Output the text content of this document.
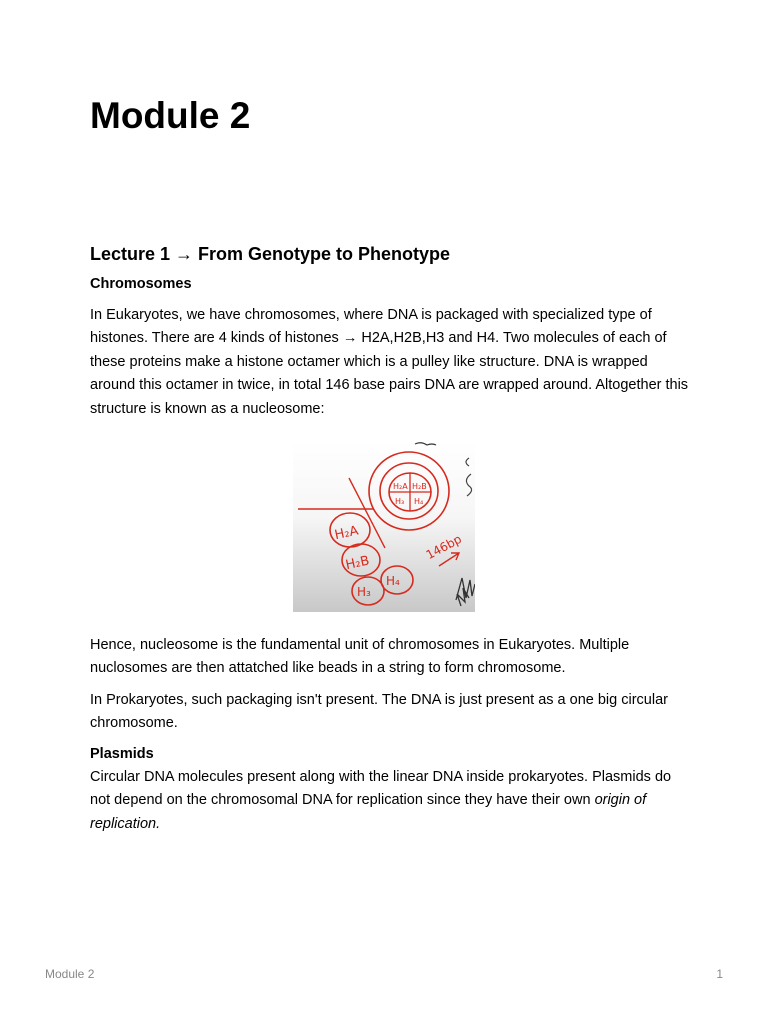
Module 2
Lecture 1 → From Genotype to Phenotype
Chromosomes

In Eukaryotes, we have chromosomes, where DNA is packaged with specialized type of histones. There are 4 kinds of histones → H2A,H2B,H3 and H4. Two molecules of each of these proteins make a histone octamer which is a pulley like structure. DNA is wrapped around this octamer in twice, in total 146 base pairs DNA are wrapped around. Altogether this structure is known as a nucleosome:

H₂A H₂B
H₃ H₄
H₂A
H₂B
H₃
H₄
146bp

Hence, nucleosome is the fundamental unit of chromosomes in Eukaryotes. Multiple nuclosomes are then attatched like beads in a string to form chromosome.

In Prokaryotes, such packaging isn't present. The DNA is just present as a one big circular chromosome.

Plasmids

Circular DNA molecules present along with the linear DNA inside prokaryotes. Plasmids do not depend on the chromosomal DNA for replication since they have their own origin of replication.

Module 2	1
